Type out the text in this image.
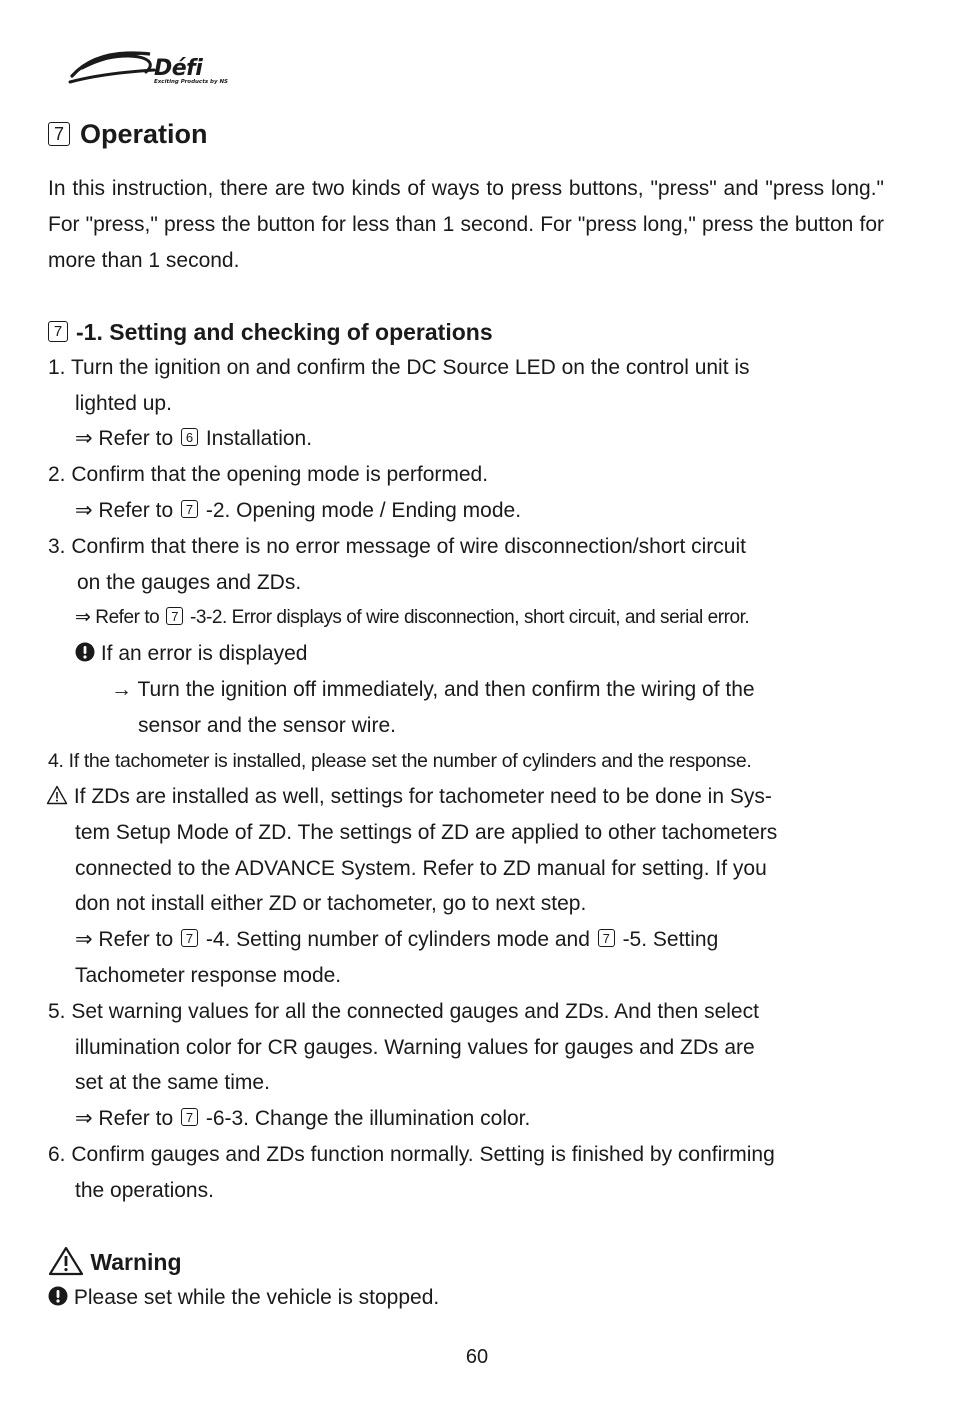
Défi
Exciting Products by NS
7 Operation

In this instruction, there are two kinds of ways to press buttons, "press" and "press long." For "press," press the button for less than 1 second. For "press long," press the button for more than 1 second.

7 -1. Setting and checking of operations
1. Turn the ignition on and confirm the DC Source LED on the control unit is
lighted up.
⇒ Refer to 6 Installation.
2. Confirm that the opening mode is performed.
⇒ Refer to 7 -2. Opening mode / Ending mode.
3. Confirm that there is no error message of wire disconnection/short circuit
on the gauges and ZDs.
⇒ Refer to 7 -3-2. Error displays of wire disconnection, short circuit, and serial error.
If an error is displayed
→ Turn the ignition off immediately, and then confirm the wiring of the
sensor and the sensor wire.
4. If the tachometer is installed, please set the number of cylinders and the response.
If ZDs are installed as well, settings for tachometer need to be done in Sys-
tem Setup Mode of ZD. The settings of ZD are applied to other tachometers
connected to the ADVANCE System. Refer to ZD manual for setting. If you
don not install either ZD or tachometer, go to next step.
⇒ Refer to 7 -4. Setting number of cylinders mode and 7 -5. Setting
Tachometer response mode.
5. Set warning values for all the connected gauges and ZDs. And then select
illumination color for CR gauges. Warning values for gauges and ZDs are
set at the same time.
⇒ Refer to 7 -6-3. Change the illumination color.
6. Confirm gauges and ZDs function normally. Setting is finished by confirming
the operations.
Warning
Please set while the vehicle is stopped.
60
